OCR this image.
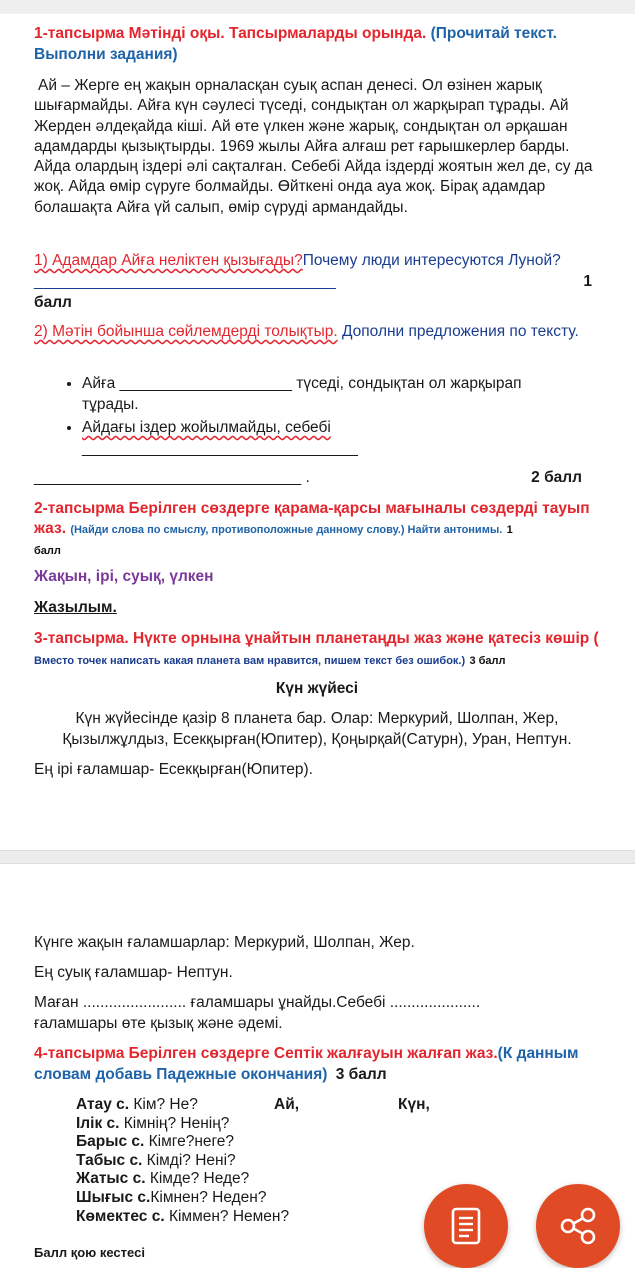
1-тапсырма Мәтінді оқы. Тапсырмаларды орында. (Прочитай текст. Выполни задания)
Ай – Жерге ең жақын орналасқан суық аспан денесі. Ол өзінен жарық шығармайды. Айға күн сәулесі түседі, сондықтан ол жарқырап тұрады. Ай Жерден әлдеқайда кіші. Ай өте үлкен және жарық, сондықтан ол әрқашан адамдарды қызықтырды. 1969 жылы Айға алғаш рет ғарышкерлер барды. Айда олардың іздері әлі сақталған. Себебі Айда іздерді жоятын жел де, су да жоқ. Айда өмір сүруге болмайды. Өйткені онда ауа жоқ. Бірақ адамдар болашақта Айға үй салып, өмір сүруді армандайды.
1) Адамдар Айға неліктен қызығады?Почему люди интересуются Луной? ___________________________________	1
балл
2) Мәтін бойынша сөйлемдерді толықтыр. Дополни предложения по тексту.
• Айға ____________________ түседі, сондықтан ол жарқырап тұрады.
• Айдағы іздер жойылмайды, себебі
________________________________
_______________________________ .	2 балл
2-тапсырма Берілген сөздерге қарама-қарсы мағыналы сөздерді тауып жаз. (Найди слова по смыслу, противоположные данному слову.) Найти антонимы. 1
балл
Жақын, ірі, суық, үлкен
Жазылым.
3-тапсырма. Нүкте орнына ұнайтын планетаңды жаз және қатесіз көшір ( Вместо точек написать какая планета вам нравится, пишем текст без ошибок.) 3 балл
Күн жүйесі
Күн жүйесінде қазір 8 планета бар. Олар: Меркурий, Шолпан, Жер, Қызылжұлдыз, Есекқырған(Юпитер), Қоңырқай(Сатурн), Уран, Нептун.
Ең ірі ғаламшар- Есекқырған(Юпитер).
Күнге жақын ғаламшарлар: Меркурий, Шолпан, Жер.
Ең суық ғаламшар- Нептун.
Маған ........................ ғаламшары ұнайды.Себебі ..................... ғаламшары өте қызық және әдемі.
4-тапсырма Берілген сөздерге Септік жалғауын жалғап жаз.(К данным словам добавь Падежные окончания) 3 балл
Атау с. Кім? Не?	Ай,	Күн,
Ілік с. Кімнің? Ненің?
Барыс с. Кімге?неге?
Табыс с. Кімді? Нені?
Жатыс с. Кімде? Неде?
Шығыс с.Кімнен? Неден?
Көмектес с. Кіммен? Немен?
Балл қою кестесі
